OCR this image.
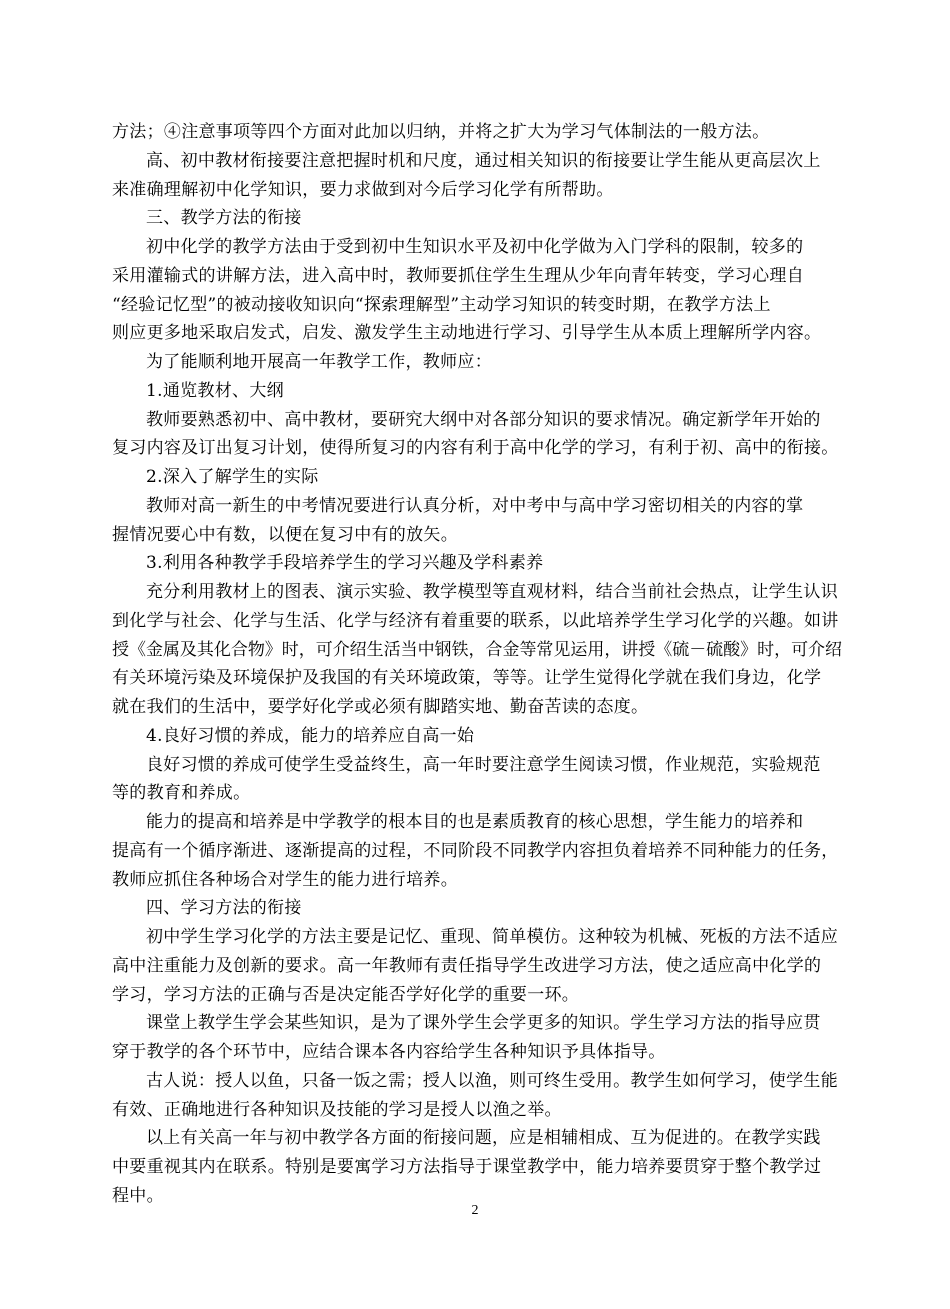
方法；④注意事项等四个方面对此加以归纳，并将之扩大为学习气体制法的一般方法。
高、初中教材衔接要注意把握时机和尺度，通过相关知识的衔接要让学生能从更高层次上
来准确理解初中化学知识，要力求做到对今后学习化学有所帮助。
三、教学方法的衔接
初中化学的教学方法由于受到初中生知识水平及初中化学做为入门学科的限制，较多的
采用灌输式的讲解方法，进入高中时，教师要抓住学生生理从少年向青年转变，学习心理自
“经验记忆型”的被动接收知识向“探索理解型”主动学习知识的转变时期，在教学方法上
则应更多地采取启发式，启发、激发学生主动地进行学习、引导学生从本质上理解所学内容。
为了能顺利地开展高一年教学工作，教师应：
1.通览教材、大纲
教师要熟悉初中、高中教材，要研究大纲中对各部分知识的要求情况。确定新学年开始的
复习内容及订出复习计划，使得所复习的内容有利于高中化学的学习，有利于初、高中的衔接。
2.深入了解学生的实际
教师对高一新生的中考情况要进行认真分析，对中考中与高中学习密切相关的内容的掌
握情况要心中有数，以便在复习中有的放矢。
3.利用各种教学手段培养学生的学习兴趣及学科素养
充分利用教材上的图表、演示实验、教学模型等直观材料，结合当前社会热点，让学生认识
到化学与社会、化学与生活、化学与经济有着重要的联系，以此培养学生学习化学的兴趣。如讲
授《金属及其化合物》时，可介绍生活当中钢铁，合金等常见运用，讲授《硫－硫酸》时，可介绍
有关环境污染及环境保护及我国的有关环境政策，等等。让学生觉得化学就在我们身边，化学
就在我们的生活中，要学好化学或必须有脚踏实地、勤奋苦读的态度。
4.良好习惯的养成，能力的培养应自高一始
良好习惯的养成可使学生受益终生，高一年时要注意学生阅读习惯，作业规范，实验规范
等的教育和养成。
能力的提高和培养是中学教学的根本目的也是素质教育的核心思想，学生能力的培养和
提高有一个循序渐进、逐渐提高的过程，不同阶段不同教学内容担负着培养不同种能力的任务，
教师应抓住各种场合对学生的能力进行培养。
四、学习方法的衔接
初中学生学习化学的方法主要是记忆、重现、简单模仿。这种较为机械、死板的方法不适应
高中注重能力及创新的要求。高一年教师有责任指导学生改进学习方法，使之适应高中化学的
学习，学习方法的正确与否是决定能否学好化学的重要一环。
课堂上教学生学会某些知识，是为了课外学生会学更多的知识。学生学习方法的指导应贯
穿于教学的各个环节中，应结合课本各内容给学生各种知识予具体指导。
古人说：授人以鱼，只备一饭之需；授人以渔，则可终生受用。教学生如何学习，使学生能
有效、正确地进行各种知识及技能的学习是授人以渔之举。
以上有关高一年与初中教学各方面的衔接问题，应是相辅相成、互为促进的。在教学实践
中要重视其内在联系。特别是要寓学习方法指导于课堂教学中，能力培养要贯穿于整个教学过
程中。
2
